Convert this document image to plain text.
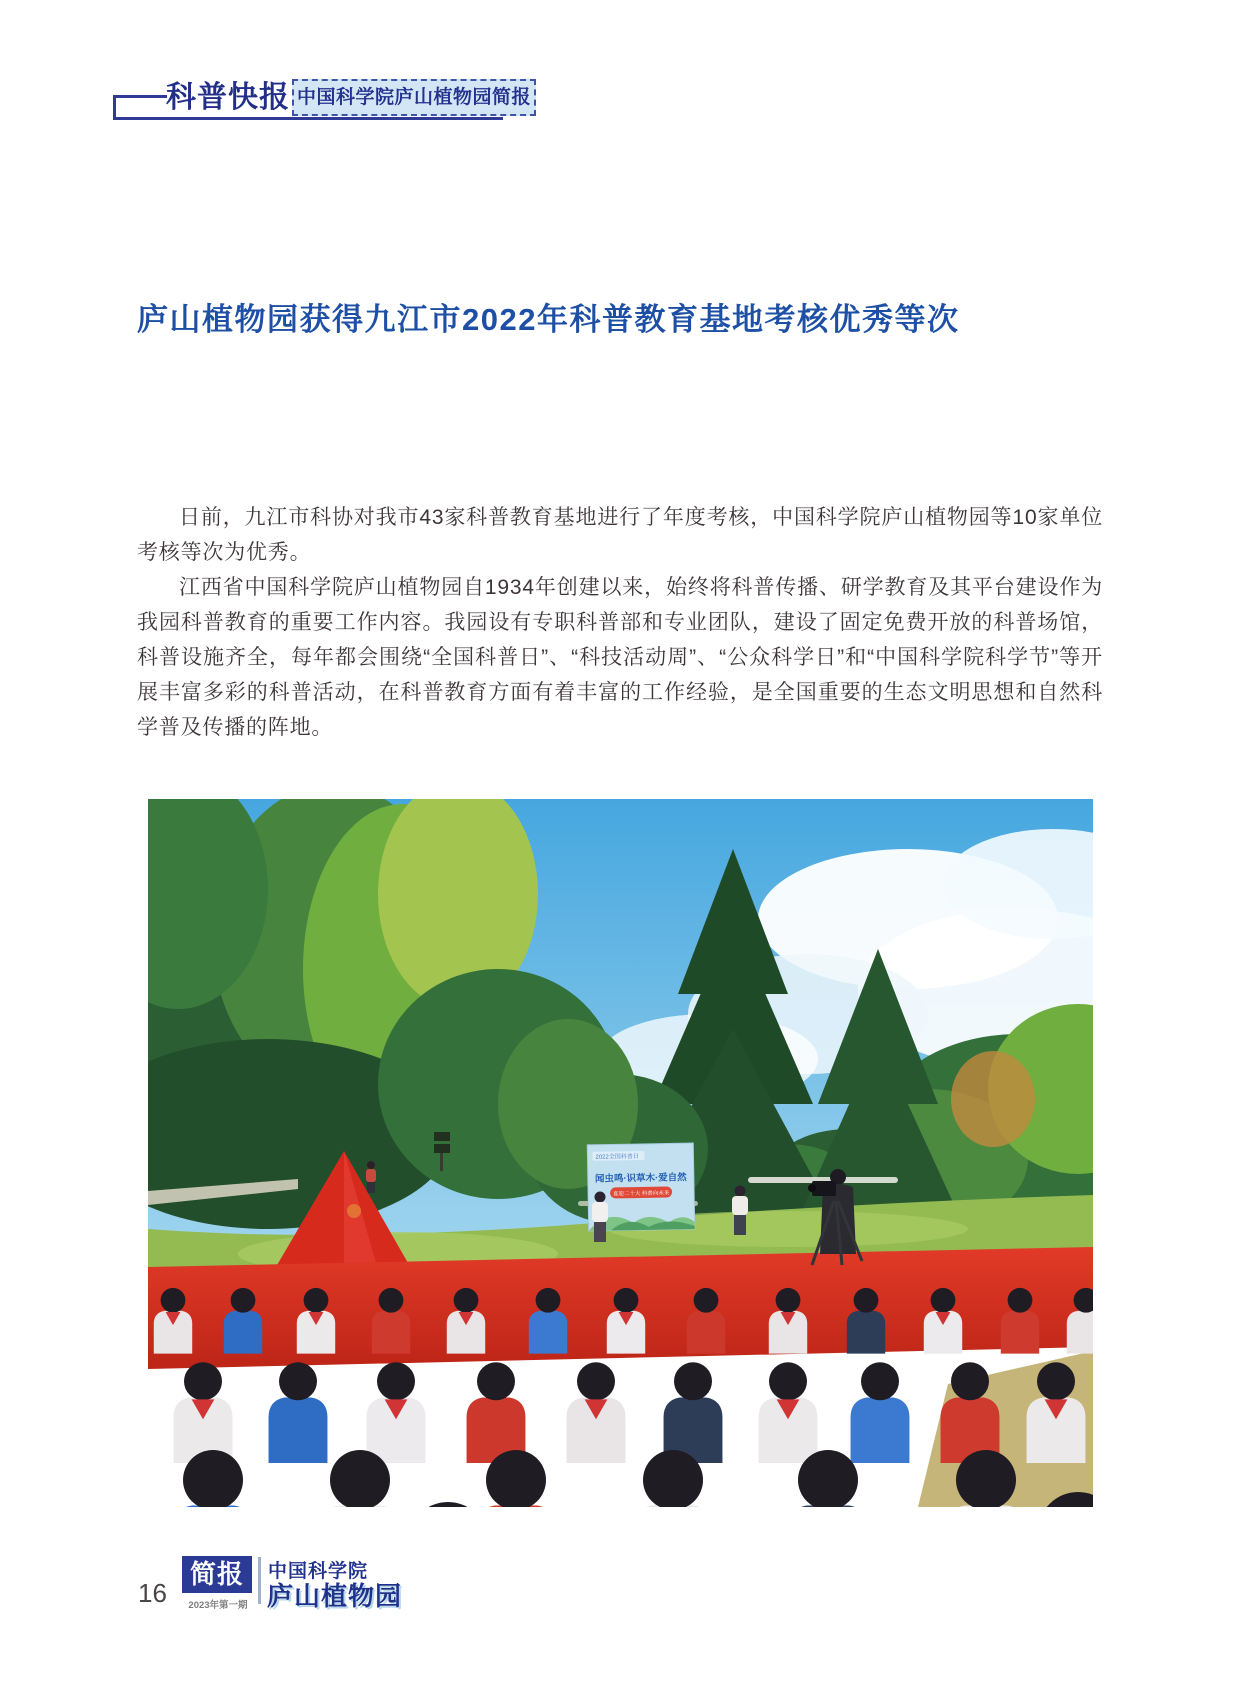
科普快报 中国科学院庐山植物园简报
庐山植物园获得九江市2022年科普教育基地考核优秀等次

日前，九江市科协对我市43家科普教育基地进行了年度考核，中国科学院庐山植物园等10家单位考核等次为优秀。

江西省中国科学院庐山植物园自1934年创建以来，始终将科普传播、研学教育及其平台建设作为我园科普教育的重要工作内容。我园设有专职科普部和专业团队，建设了固定免费开放的科普场馆，科普设施齐全，每年都会围绕“全国科普日”、“科技活动周”、“公众科学日”和“中国科学院科学节”等开展丰富多彩的科普活动，在科普教育方面有着丰富的工作经验，是全国重要的生态文明思想和自然科学普及传播的阵地。

2022全国科普日
闻虫鸣·识草木·爱自然
喜迎二十大 科普向未来
16
简报
2023年第一期
中国科学院
庐山植物园
